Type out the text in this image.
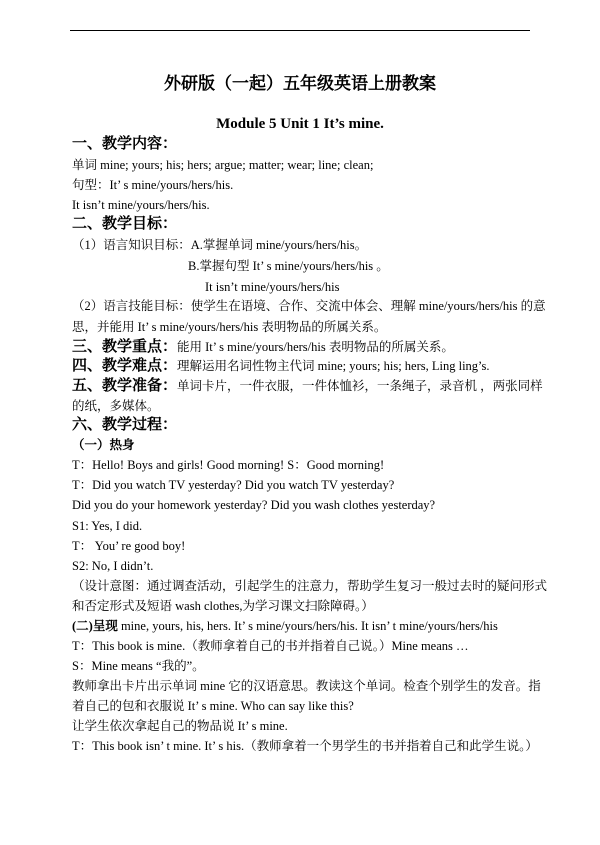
外研版（一起）五年级英语上册教案
Module 5 Unit 1 It’s mine.
一、教学内容：
单词 mine; yours; his; hers; argue; matter; wear; line; clean;
句型：It’ s mine/yours/hers/his.
It isn’t mine/yours/hers/his.
二、教学目标：
（1）语言知识目标：A.掌握单词 mine/yours/hers/his。
B.掌握句型 It’ s mine/yours/hers/his 。
It isn’t mine/yours/hers/his
（2）语言技能目标：使学生在语境、合作、交流中体会、理解 mine/yours/hers/his 的意
思，并能用 It’ s mine/yours/hers/his 表明物品的所属关系。
三、教学重点：能用 It’ s mine/yours/hers/his 表明物品的所属关系。
四、教学难点：理解运用名词性物主代词 mine; yours; his; hers, Ling ling’s.
五、教学准备：单词卡片，一件衣服，一件体恤衫，一条绳子，录音机 ，两张同样
的纸，多媒体。
六、教学过程：
（一）热身
T：Hello! Boys and girls! Good morning! S：Good morning!
T：Did you watch TV yesterday? Did you watch TV yesterday?
Did you do your homework yesterday? Did you wash clothes yesterday?
S1: Yes, I did.
T： You’ re good boy!
S2: No, I didn’t.
（设计意图：通过调查活动，引起学生的注意力，帮助学生复习一般过去时的疑问形式
和否定形式及短语 wash clothes,为学习课文扫除障碍。）
(二)呈现 mine, yours, his, hers. It’ s mine/yours/hers/his. It isn’ t mine/yours/hers/his
T：This book is mine.（教师拿着自己的书并指着自己说。）Mine means …
S：Mine means “我的”。
教师拿出卡片出示单词 mine 它的汉语意思。教读这个单词。检查个别学生的发音。指
着自己的包和衣服说 It’ s mine. Who can say like this?
让学生依次拿起自己的物品说 It’ s mine.
T：This book isn’ t mine. It’ s his.（教师拿着一个男学生的书并指着自己和此学生说。）
